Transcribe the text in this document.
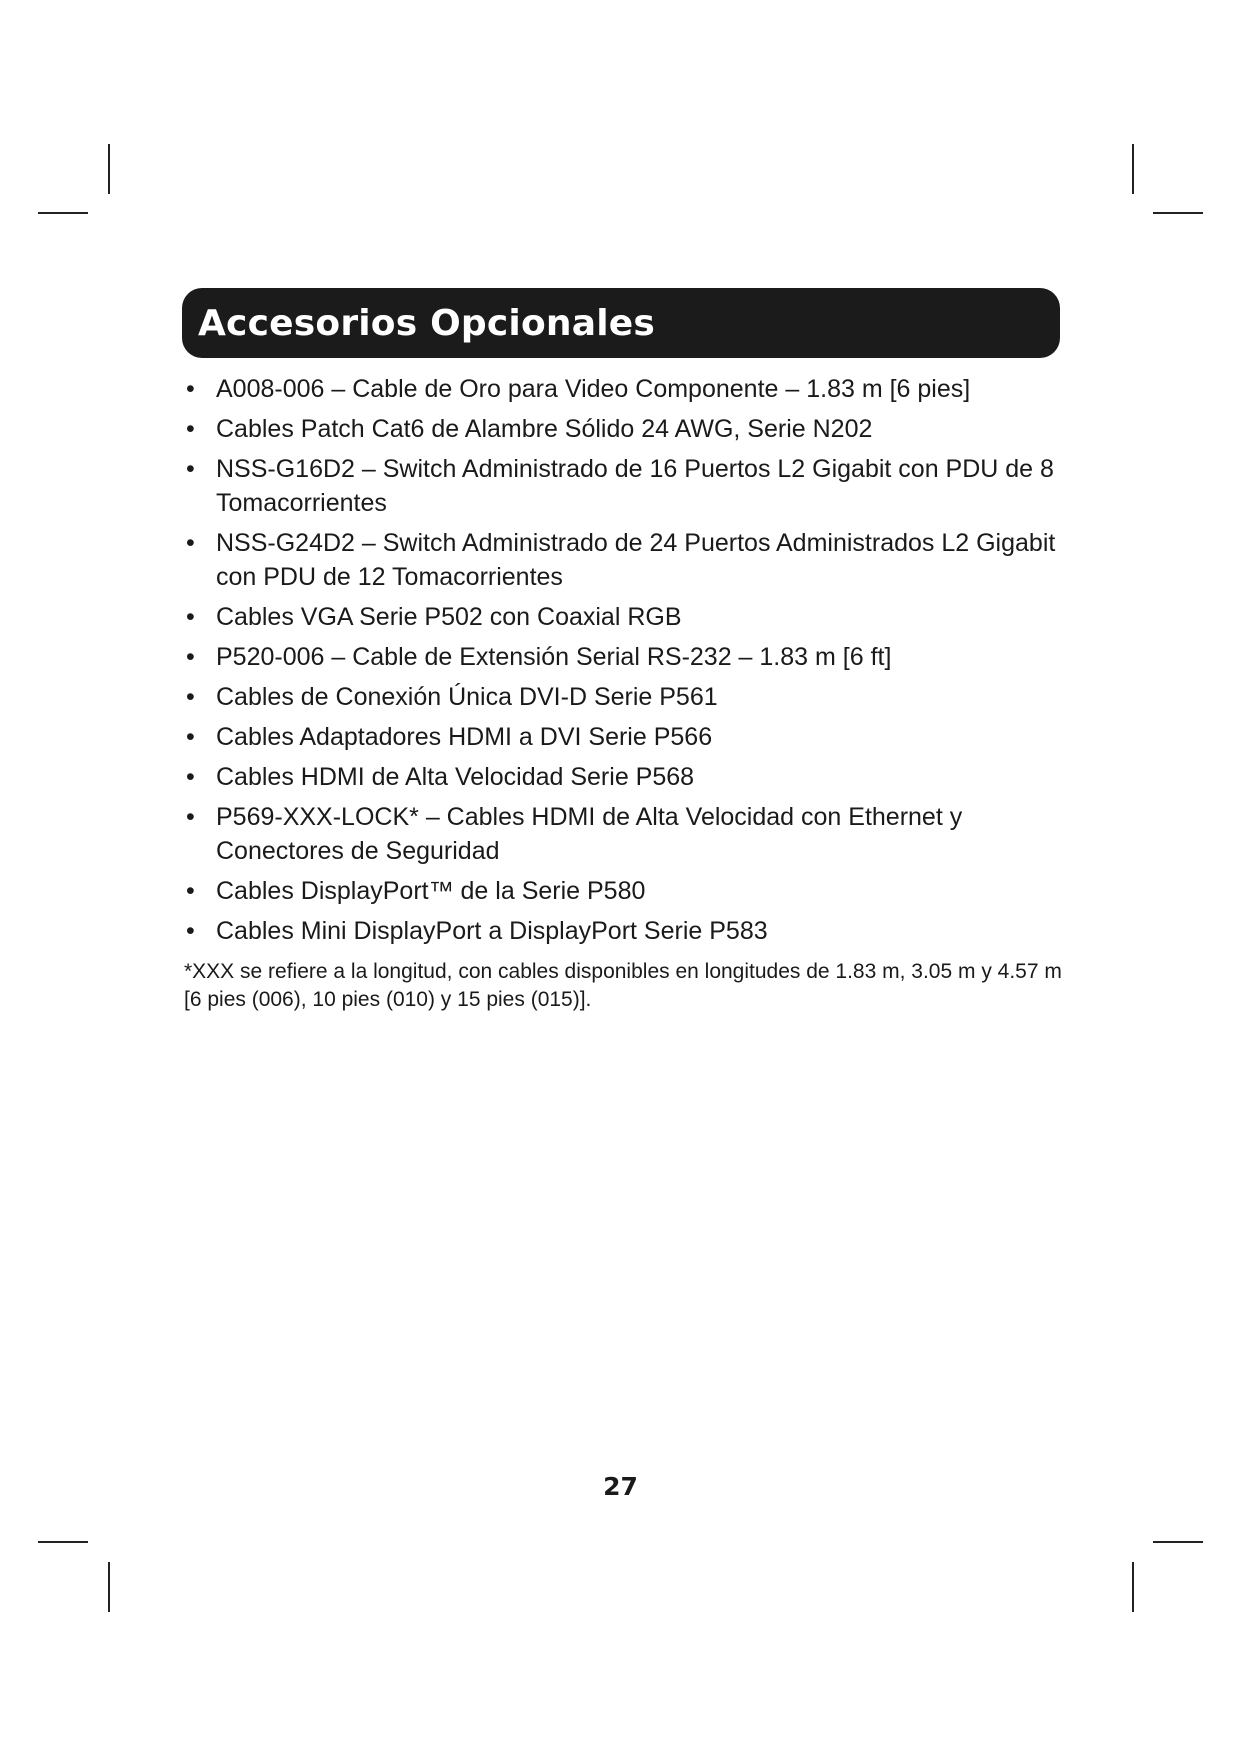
Accesorios Opcionales
• A008-006 – Cable de Oro para Video Componente – 1.83 m [6 pies]
• Cables Patch Cat6 de Alambre Sólido 24 AWG, Serie N202
• NSS-G16D2 – Switch Administrado de 16 Puertos L2 Gigabit con PDU de 8 Tomacorrientes
• NSS-G24D2 – Switch Administrado de 24 Puertos Administrados L2 Gigabit con PDU de 12 Tomacorrientes
• Cables VGA Serie P502 con Coaxial RGB
• P520-006 – Cable de Extensión Serial RS-232 – 1.83 m [6 ft]
• Cables de Conexión Única DVI-D Serie P561
• Cables Adaptadores HDMI a DVI Serie P566
• Cables HDMI de Alta Velocidad Serie P568
• P569-XXX-LOCK* – Cables HDMI de Alta Velocidad con Ethernet y Conectores de Seguridad
• Cables DisplayPort™ de la Serie P580
• Cables Mini DisplayPort a DisplayPort Serie P583
*XXX se refiere a la longitud, con cables disponibles en longitudes de 1.83 m, 3.05 m y 4.57 m [6 pies (006), 10 pies (010) y 15 pies (015)].
27
